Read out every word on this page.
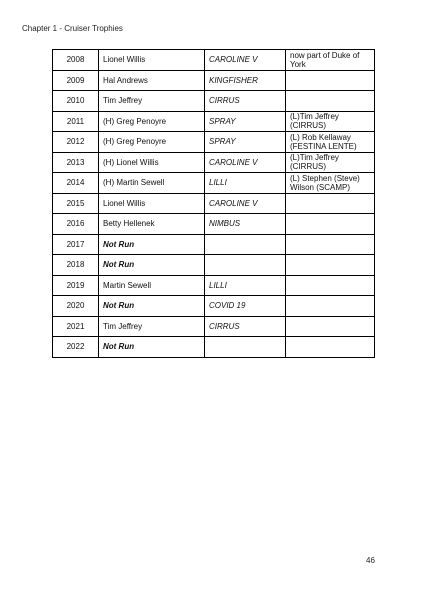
Chapter 1 - Cruiser Trophies
2008	Lionel Willis	CAROLINE V	now part of Duke of York
2009	Hal Andrews	KINGFISHER	
2010	Tim Jeffrey	CIRRUS	
2011	(H) Greg Penoyre	SPRAY	(L)Tim Jeffrey (CIRRUS)
2012	(H) Greg Penoyre	SPRAY	(L) Rob Kellaway (FESTINA LENTE)
2013	(H) Lionel Willis	CAROLINE V	(L)Tim Jeffrey (CIRRUS)
2014	(H) Martin Sewell	LILLI	(L) Stephen (Steve) Wilson (SCAMP)
2015	Lionel Willis	CAROLINE V	
2016	Betty Hellenek	NIMBUS	
2017	Not Run		
2018	Not Run		
2019	Martin Sewell	LILLI	
2020	Not Run	COVID 19	
2021	Tim Jeffrey	CIRRUS	
2022	Not Run		
46
